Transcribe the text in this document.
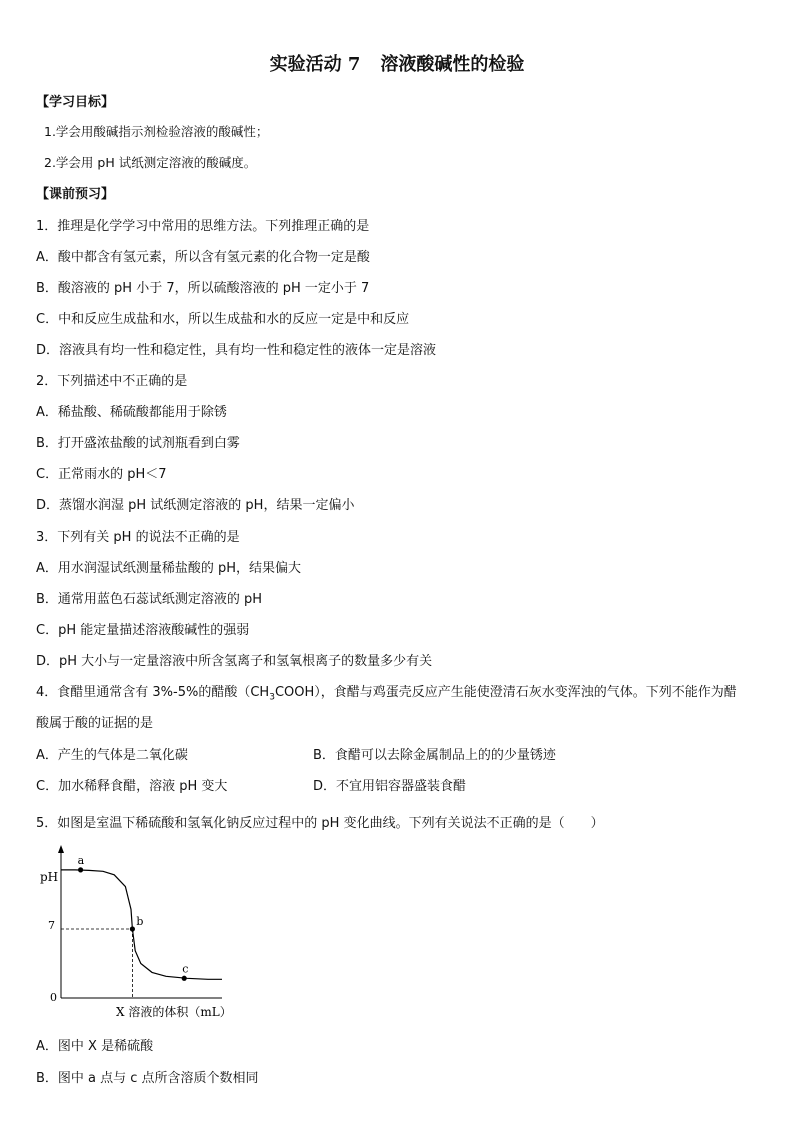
实验活动 7 溶液酸碱性的检验
【学习目标】
1.学会用酸碱指示剂检验溶液的酸碱性；
2.学会用 pH 试纸测定溶液的酸碱度。
【课前预习】
1．推理是化学学习中常用的思维方法。下列推理正确的是
A．酸中都含有氢元素，所以含有氢元素的化合物一定是酸
B．酸溶液的 pH 小于 7，所以硫酸溶液的 pH 一定小于 7
C．中和反应生成盐和水，所以生成盐和水的反应一定是中和反应
D．溶液具有均一性和稳定性，具有均一性和稳定性的液体一定是溶液
2．下列描述中不正确的是
A．稀盐酸、稀硫酸都能用于除锈
B．打开盛浓盐酸的试剂瓶看到白雾
C．正常雨水的 pH＜7
D．蒸馏水润湿 pH 试纸测定溶液的 pH，结果一定偏小
3．下列有关 pH 的说法不正确的是
A．用水润湿试纸测量稀盐酸的 pH，结果偏大
B．通常用蓝色石蕊试纸测定溶液的 pH
C．pH 能定量描述溶液酸碱性的强弱
D．pH 大小与一定量溶液中所含氢离子和氢氧根离子的数量多少有关
4．食醋里通常含有 3%-5%的醋酸$(CH_3COOH)$，食醋与鸡蛋壳反应产生能使澄清石灰水变浑浊的气体。下列不能作为醋
酸属于酸的证据的是
A．产生的气体是二氧化碳	B．食醋可以去除金属制品上的的少量锈迹
C．加水稀释食醋，溶液 pH 变大	D．不宜用铝容器盛装食醋
5．如图是室温下稀硫酸和氢氧化钠反应过程中的 pH 变化曲线。下列有关说法不正确的是（　　）
pH
7
0
X 溶液的体积（mL）
a
b
c
A．图中 X 是稀硫酸
B．图中 a 点与 c 点所含溶质个数相同
